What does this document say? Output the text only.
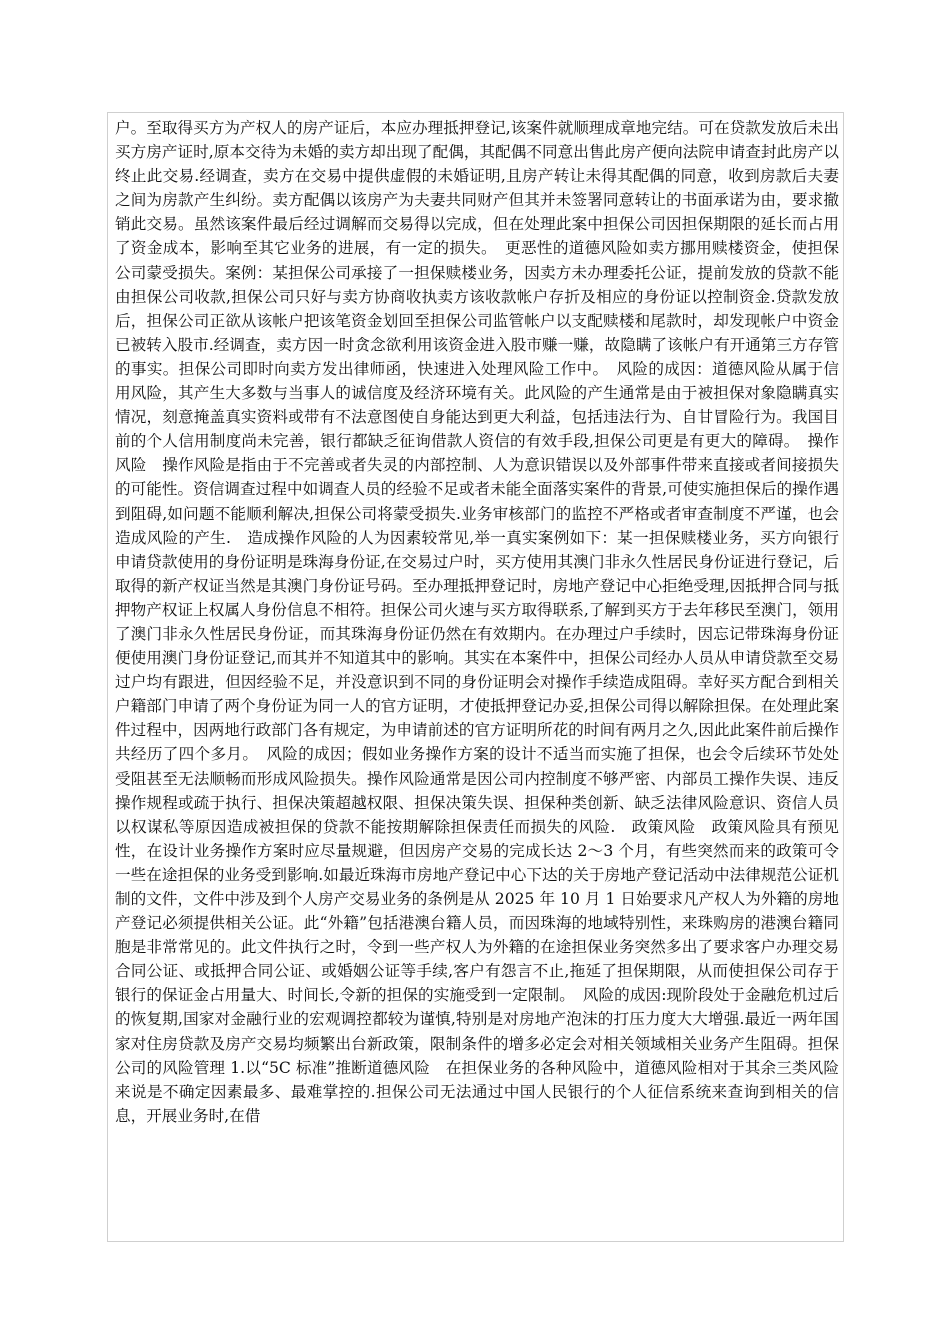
户。至取得买方为产权人的房产证后，本应办理抵押登记,该案件就顺理成章地完结。可在贷款发放后未出买方房产证时,原本交待为未婚的卖方却出现了配偶，其配偶不同意出售此房产便向法院申请查封此房产以终止此交易.经调查，卖方在交易中提供虚假的未婚证明,且房产转让未得其配偶的同意，收到房款后夫妻之间为房款产生纠纷。卖方配偶以该房产为夫妻共同财产但其并未签署同意转让的书面承诺为由，要求撤销此交易。虽然该案件最后经过调解而交易得以完成，但在处理此案中担保公司因担保期限的延长而占用了资金成本，影响至其它业务的进展，有一定的损失。　更恶性的道德风险如卖方挪用赎楼资金，使担保公司蒙受损失。案例：某担保公司承接了一担保赎楼业务，因卖方未办理委托公证，提前发放的贷款不能由担保公司收款,担保公司只好与卖方协商收执卖方该收款帐户存折及相应的身份证以控制资金.贷款发放后，担保公司正欲从该帐户把该笔资金划回至担保公司监管帐户以支配赎楼和尾款时，却发现帐户中资金已被转入股市.经调查，卖方因一时贪念欲利用该资金进入股市赚一赚，故隐瞒了该帐户有开通第三方存管的事实。担保公司即时向卖方发出律师函，快速进入处理风险工作中。　风险的成因：道德风险从属于信用风险，其产生大多数与当事人的诚信度及经济环境有关。此风险的产生通常是由于被担保对象隐瞒真实情况，刻意掩盖真实资料或带有不法意图使自身能达到更大利益，包括违法行为、自甘冒险行为。我国目前的个人信用制度尚未完善，银行都缺乏征询借款人资信的有效手段,担保公司更是有更大的障碍。　操作风险　操作风险是指由于不完善或者失灵的内部控制、人为意识错误以及外部事件带来直接或者间接损失的可能性。资信调查过程中如调查人员的经验不足或者未能全面落实案件的背景,可使实施担保后的操作遇到阻碍,如问题不能顺利解决,担保公司将蒙受损失.业务审核部门的监控不严格或者审查制度不严谨，也会造成风险的产生.　造成操作风险的人为因素较常见,举一真实案例如下：某一担保赎楼业务，买方向银行申请贷款使用的身份证明是珠海身份证,在交易过户时，买方使用其澳门非永久性居民身份证进行登记，后取得的新产权证当然是其澳门身份证号码。至办理抵押登记时，房地产登记中心拒绝受理,因抵押合同与抵押物产权证上权属人身份信息不相符。担保公司火速与买方取得联系,了解到买方于去年移民至澳门，领用了澳门非永久性居民身份证，而其珠海身份证仍然在有效期内。在办理过户手续时，因忘记带珠海身份证便使用澳门身份证登记,而其并不知道其中的影响。其实在本案件中，担保公司经办人员从申请贷款至交易过户均有跟进，但因经验不足，并没意识到不同的身份证明会对操作手续造成阻碍。幸好买方配合到相关户籍部门申请了两个身份证为同一人的官方证明，才使抵押登记办妥,担保公司得以解除担保。在处理此案件过程中，因两地行政部门各有规定，为申请前述的官方证明所花的时间有两月之久,因此此案件前后操作共经历了四个多月。　风险的成因；假如业务操作方案的设计不适当而实施了担保，也会令后续环节处处受阻甚至无法顺畅而形成风险损失。操作风险通常是因公司内控制度不够严密、内部员工操作失误、违反操作规程或疏于执行、担保决策超越权限、担保决策失误、担保种类创新、缺乏法律风险意识、资信人员以权谋私等原因造成被担保的贷款不能按期解除担保责任而损失的风险.　政策风险　政策风险具有预见性，在设计业务操作方案时应尽量规避，但因房产交易的完成长达 2～3 个月，有些突然而来的政策可令一些在途担保的业务受到影响.如最近珠海市房地产登记中心下达的关于房地产登记活动中法律规范公证机制的文件，文件中涉及到个人房产交易业务的条例是从 2025 年 10 月 1 日始要求凡产权人为外籍的房地产登记必须提供相关公证。此“外籍”包括港澳台籍人员，而因珠海的地域特别性，来珠购房的港澳台籍同胞是非常常见的。此文件执行之时，令到一些产权人为外籍的在途担保业务突然多出了要求客户办理交易合同公证、或抵押合同公证、或婚姻公证等手续,客户有怨言不止,拖延了担保期限，从而使担保公司存于银行的保证金占用量大、时间长,令新的担保的实施受到一定限制。　风险的成因:现阶段处于金融危机过后的恢复期,国家对金融行业的宏观调控都较为谨慎,特别是对房地产泡沫的打压力度大大增强.最近一两年国家对住房贷款及房产交易均频繁出台新政策，限制条件的增多必定会对相关领域相关业务产生阻碍。担保公司的风险管理 1.以“5C 标准”推断道德风险　在担保业务的各种风险中，道德风险相对于其余三类风险来说是不确定因素最多、最难掌控的.担保公司无法通过中国人民银行的个人征信系统来查询到相关的信息，开展业务时,在借
